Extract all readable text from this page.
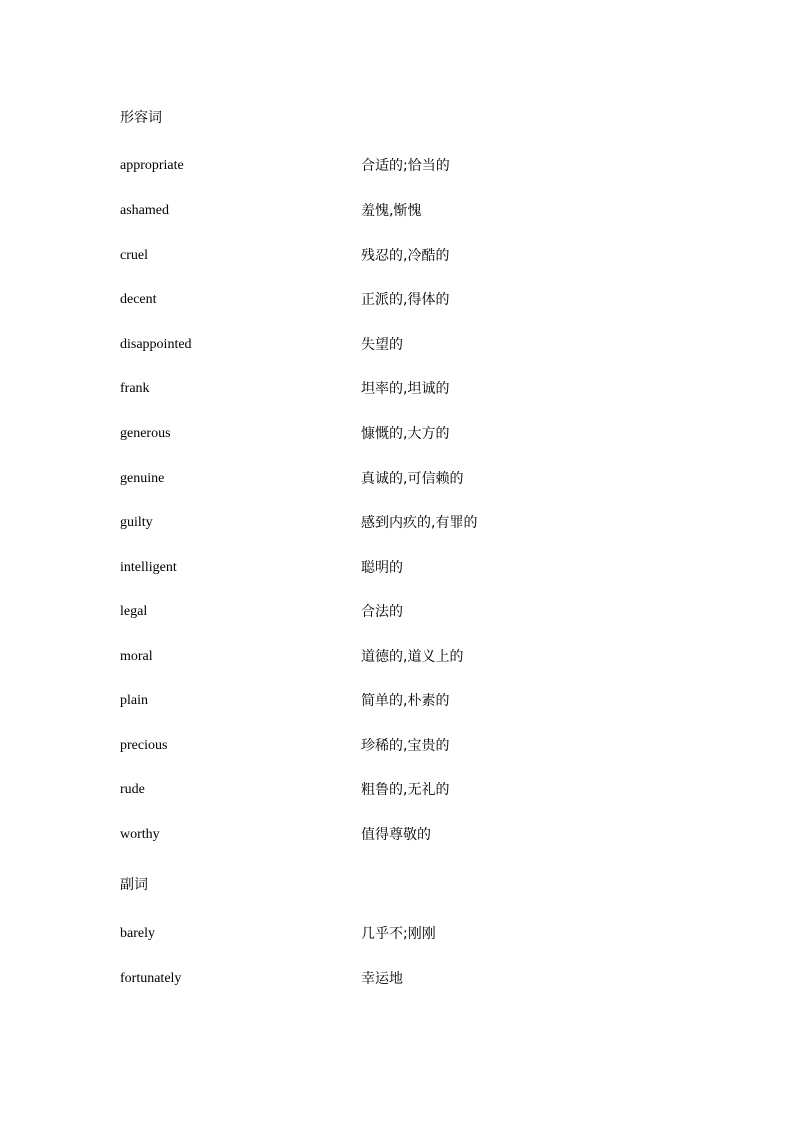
形容词
appropriate	合适的;恰当的
ashamed	羞愧,惭愧
cruel	残忍的,冷酷的
decent	正派的,得体的
disappointed	失望的
frank	坦率的,坦诚的
generous	慷慨的,大方的
genuine	真诚的,可信赖的
guilty	感到内疚的,有罪的
intelligent	聪明的
legal	合法的
moral	道德的,道义上的
plain	简单的,朴素的
precious	珍稀的,宝贵的
rude	粗鲁的,无礼的
worthy	值得尊敬的
副词
barely	几乎不;刚刚
fortunately	幸运地
